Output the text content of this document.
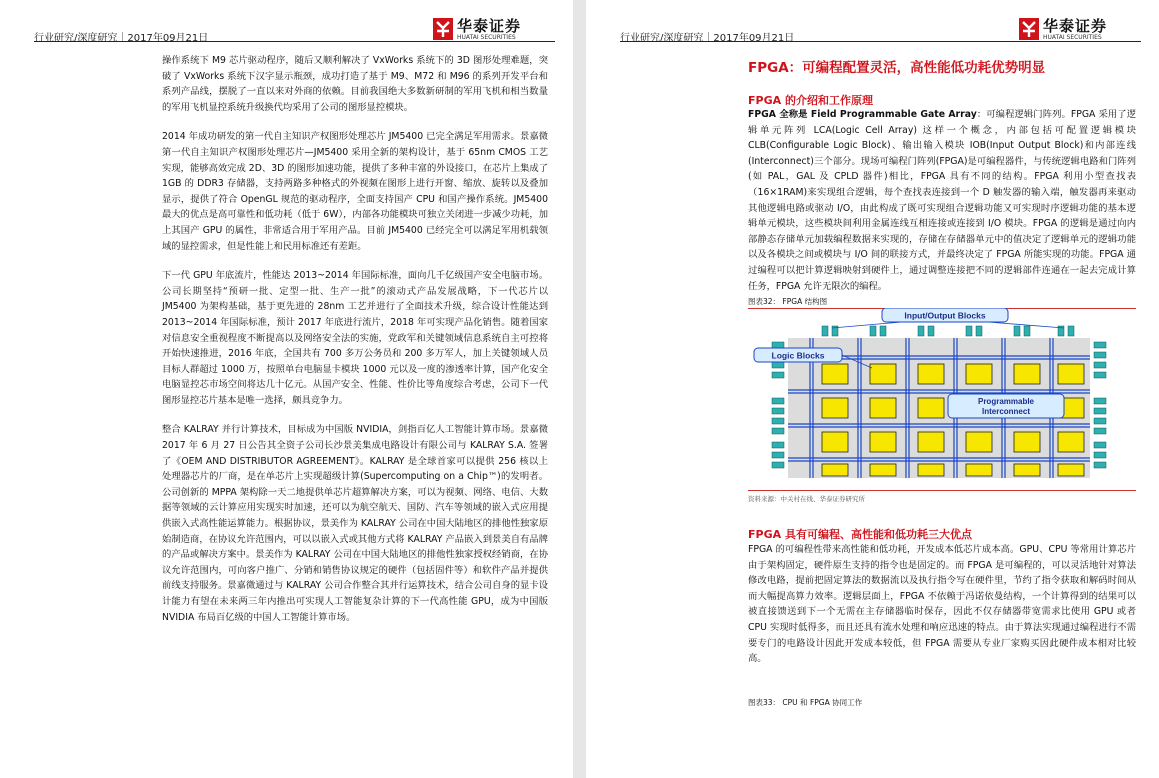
行业研究/深度研究｜2017年09月21日
华泰证券
HUATAI SECURITIES

操作系统下 M9 芯片驱动程序，随后又顺利解决了 VxWorks 系统下的 3D 图形处理难题，突破了 VxWorks 系统下汉字显示瓶颈，成功打造了基于 M9、M72 和 M96 的系列开发平台和系列产品线，摆脱了一直以来对外商的依赖。目前我国绝大多数新研制的军用飞机和相当数量的军用飞机显控系统升级换代均采用了公司的图形显控模块。

2014 年成功研发的第一代自主知识产权图形处理芯片 JM5400 已完全满足军用需求。景嘉微第一代自主知识产权图形处理芯片—JM5400 采用全新的架构设计，基于 65nm CMOS 工艺实现，能够高效完成 2D、3D 的图形加速功能，提供了多种丰富的外设接口，在芯片上集成了 1GB 的 DDR3 存储器，支持两路多种格式的外视频在图形上进行开窗、缩放、旋转以及叠加显示，提供了符合 OpenGL 规范的驱动程序，全面支持国产 CPU 和国产操作系统。JM5400 最大的优点是高可靠性和低功耗（低于 6W），内部各功能模块可独立关闭进一步减少功耗，加上其国产 GPU 的属性，非常适合用于军用产品。目前 JM5400 已经完全可以满足军用机载领域的显控需求，但是性能上和民用标准还有差距。

下一代 GPU 年底流片，性能达 2013~2014 年国际标准，面向几千亿级国产安全电脑市场。公司长期坚持“预研一批、定型一批、生产一批”的滚动式产品发展战略，下一代芯片以 JM5400 为架构基础，基于更先进的 28nm 工艺并进行了全面技术升级，综合设计性能达到 2013~2014 年国际标准，预计 2017 年底进行流片，2018 年可实现产品化销售。随着国家对信息安全重视程度不断提高以及网络安全法的实施，党政军和关键领域信息系统自主可控将开始快速推进，2016 年底，全国共有 700 多万公务员和 200 多万军人，加上关键领域人员目标人群超过 1000 万，按照单台电脑显卡模块 1000 元以及一度的渗透率计算，国产化安全电脑显控芯市场空间将达几十亿元。从国产安全、性能、性价比等角度综合考虑，公司下一代图形显控芯片基本是唯一选择，颇具竞争力。

整合 KALRAY 并行计算技术，目标成为中国版 NVIDIA，剑指百亿人工智能计算市场。景嘉微 2017 年 6 月 27 日公告其全资子公司长沙景美集成电路设计有限公司与 KALRAY S.A. 签署了《OEM AND DISTRIBUTOR AGREEMENT》。KALRAY 是全球首家可以提供 256 核以上处理器芯片的厂商，是在单芯片上实现超级计算(Supercomputing on a Chip™)的发明者。公司创新的 MPPA 架构除一天二地提供单芯片超算解决方案，可以为视频、网络、电信、大数据等领域的云计算应用实现实时加速，还可以为航空航天、国防、汽车等领域的嵌入式应用提供嵌入式高性能运算能力。根据协议，景美作为 KALRAY 公司在中国大陆地区的排他性独家原始制造商，在协议允许范围内，可以以嵌入式或其他方式将 KALRAY 产品嵌入到景美自有品牌的产品或解决方案中。景美作为 KALRAY 公司在中国大陆地区的排他性独家授权经销商，在协议允许范围内，可向客户推广、分销和销售协议规定的硬件（包括固件等）和软件产品并提供前线支持服务。景嘉微通过与 KALRAY 公司合作整合其并行运算技术，结合公司自身的显卡设计能力有望在未来两三年内推出可实现人工智能复杂计算的下一代高性能 GPU，成为中国版 NVIDIA 布局百亿级的中国人工智能计算市场。

行业研究/深度研究｜2017年09月21日
华泰证券
HUATAI SECURITIES
FPGA：可编程配置灵活，高性能低功耗优势明显
FPGA 的介绍和工作原理
FPGA 全称是 Field Programmable Gate Array：可编程逻辑门阵列。FPGA 采用了逻辑单元阵列 LCA(Logic Cell Array) 这样一个概念，内部包括可配置逻辑模块 CLB(Configurable Logic Block)、输出输入模块 IOB(Input Output Block)和内部连线(Interconnect)三个部分。现场可编程门阵列(FPGA)是可编程器件，与传统逻辑电路和门阵列(如 PAL，GAL 及 CPLD 器件)相比，FPGA 具有不同的结构。FPGA 利用小型查找表（16×1RAM)来实现组合逻辑，每个查找表连接到一个 D 触发器的输入端，触发器再来驱动其他逻辑电路或驱动 I/O，由此构成了既可实现组合逻辑功能又可实现时序逻辑功能的基本逻辑单元模块，这些模块间利用金属连线互相连接或连接到 I/O 模块。FPGA 的逻辑是通过向内部静态存储单元加载编程数据来实现的，存储在存储器单元中的值决定了逻辑单元的逻辑功能以及各模块之间或模块与 I/O 间的联接方式，并最终决定了 FPGA 所能实现的功能。FPGA 通过编程可以把计算逻辑映射到硬件上，通过调整连接把不同的逻辑部件连通在一起去完成计算任务，FPGA 允许无限次的编程。
图表32： FPGA 结构图
Input/Output Blocks
Logic Blocks
Programmable
Interconnect
资料来源：中关村在线、华泰证券研究所
FPGA 具有可编程、高性能和低功耗三大优点
FPGA 的可编程性带来高性能和低功耗，开发成本低芯片成本高。GPU、CPU 等常用计算芯片由于架构固定，硬件原生支持的指令也是固定的。而 FPGA 是可编程的，可以灵活地针对算法修改电路，提前把固定算法的数据流以及执行指令写在硬件里，节约了指令获取和解码时间从而大幅提高算力效率。逻辑层面上，FPGA 不依赖于冯诺依曼结构，一个计算得到的结果可以被直接馈送到下一个无需在主存储器临时保存，因此不仅存储器带宽需求比使用 GPU 或者 CPU 实现时低得多，而且还具有流水处理和响应迅速的特点。由于算法实现通过编程进行不需要专门的电路设计因此开发成本较低，但 FPGA 需要从专业厂家购买因此硬件成本相对比较高。
图表33： CPU 和 FPGA 协同工作
